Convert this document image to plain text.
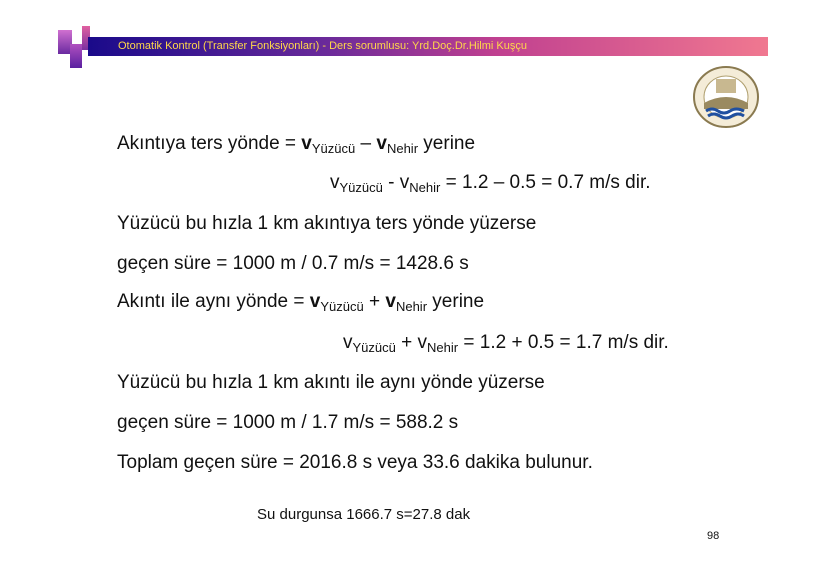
Otomatik Kontrol (Transfer Fonksiyonları) - Ders sorumlusu: Yrd.Doç.Dr.Hilmi Kuşçu
Akıntıya ters yönde = $v_{Yüzücü} - v_{Nehir}$ yerine
$v_{Yüzücü} - v_{Nehir} = 1.2 - 0.5 = 0.7$ m/s dir.
Yüzücü bu hızla 1 km akıntıya ters yönde yüzerse
geçen süre = 1000 m / 0.7 m/s = 1428.6 s
Akıntı ile aynı yönde = $v_{Yüzücü} + v_{Nehir}$ yerine
$v_{Yüzücü} + v_{Nehir} = 1.2 + 0.5 = 1.7$ m/s dir.
Yüzücü bu hızla 1 km akıntı ile aynı yönde yüzerse
geçen süre = 1000 m / 1.7 m/s = 588.2 s
Toplam geçen süre = 2016.8 s veya 33.6 dakika bulunur.
Su durgunsa 1666.7 s=27.8 dak
98
